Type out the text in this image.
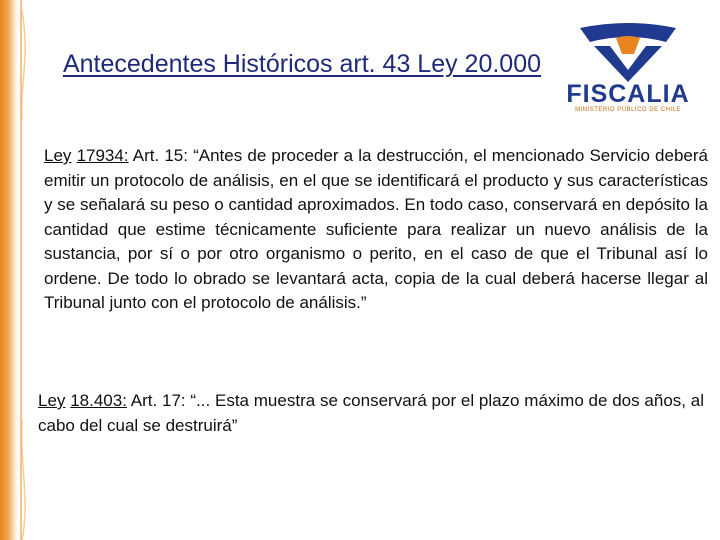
Antecedentes Históricos art. 43 Ley 20.000
FISCALIA
MINISTERIO PÚBLICO DE CHILE

Ley 17934: Art. 15: “Antes de proceder a la destrucción, el mencionado Servicio deberá emitir un protocolo de análisis, en el que se identificará el producto y sus características y se señalará su peso o cantidad aproximados. En todo caso, conservará en depósito la cantidad que estime técnicamente suficiente para realizar un nuevo análisis de la sustancia, por sí o por otro organismo o perito, en el caso de que el Tribunal así lo ordene. De todo lo obrado se levantará acta, copia de la cual deberá hacerse llegar al Tribunal junto con el protocolo de análisis.”

Ley 18.403: Art. 17: “... Esta muestra se conservará por el plazo máximo de dos años, al cabo del cual se destruirá”
